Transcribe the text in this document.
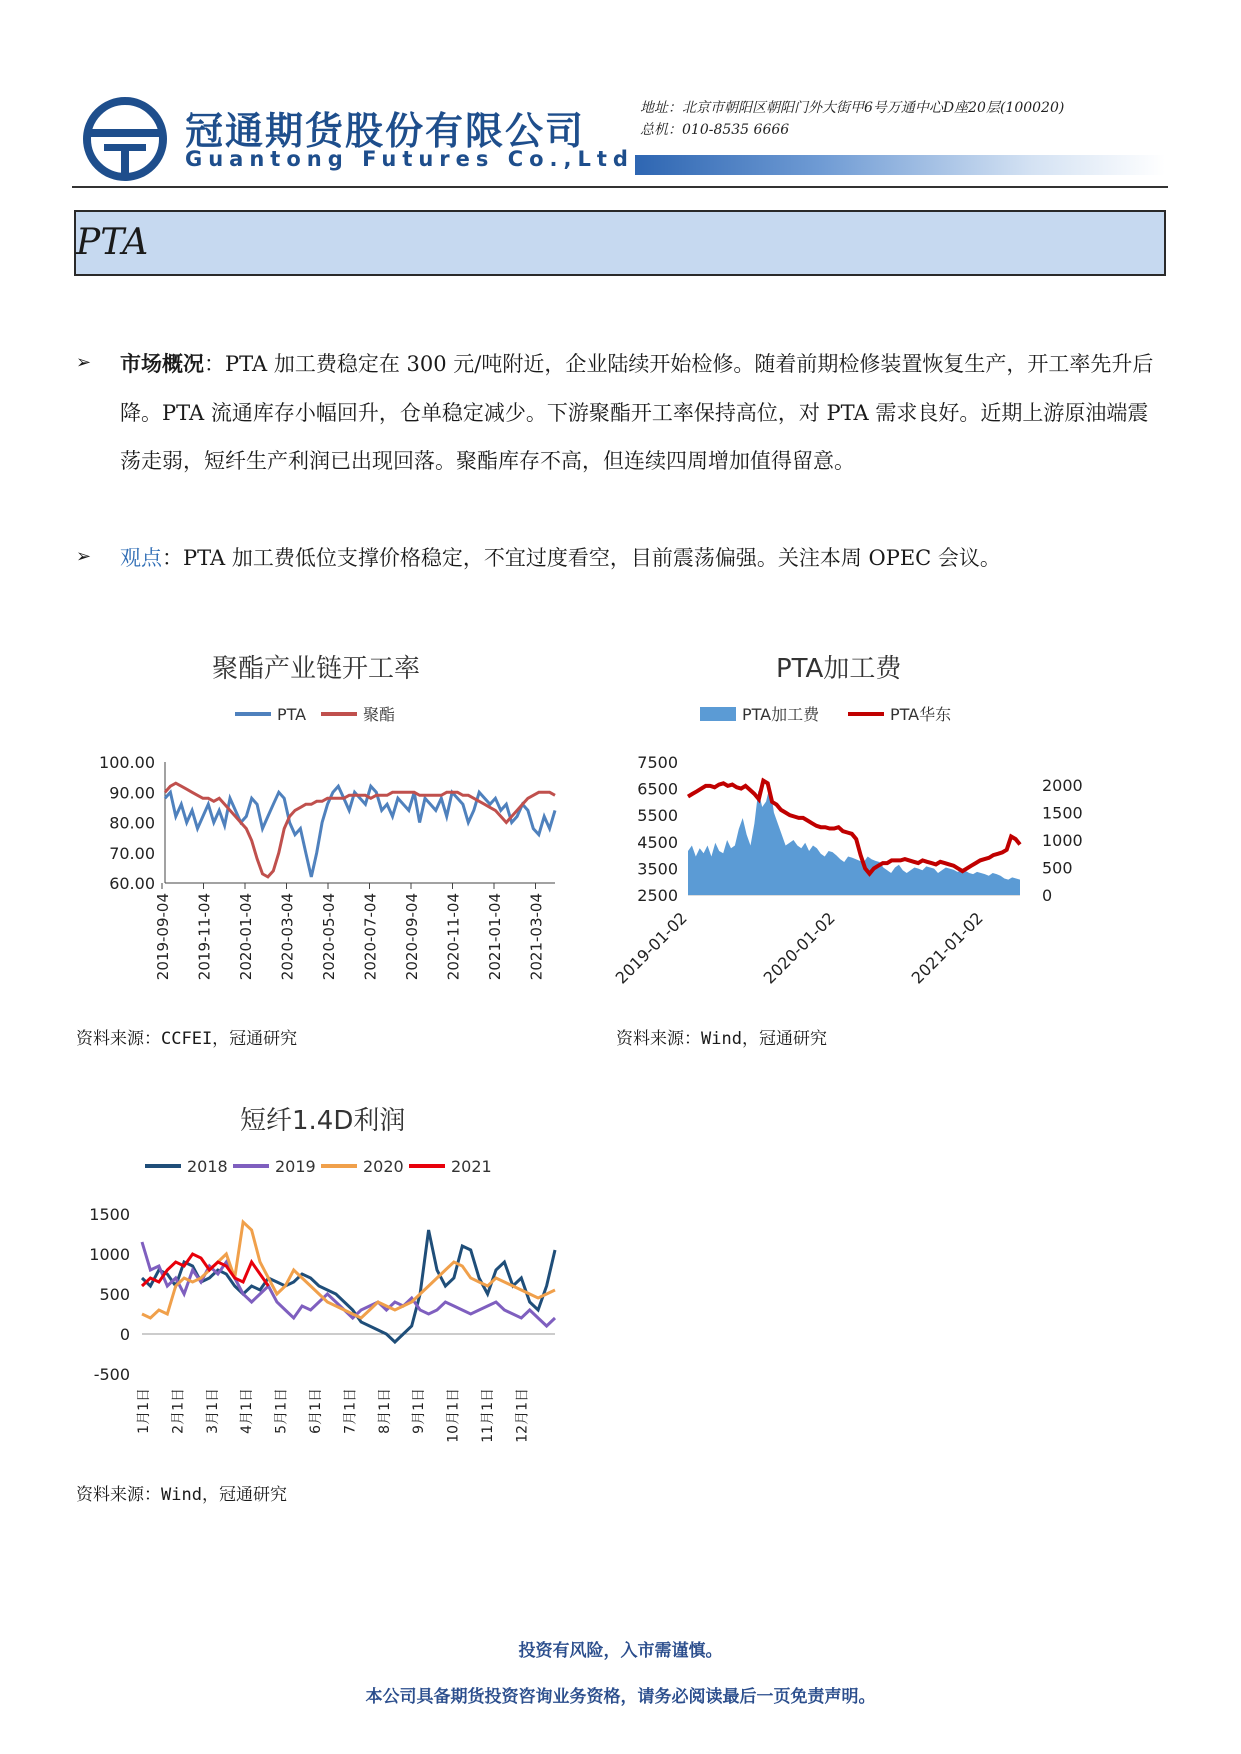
冠通期货股份有限公司
Guantong Futures Co.,Ltd
地址：北京市朝阳区朝阳门外大街甲6号万通中心D座20层(100020)
总机：010-8535 6666
PTA
➢ 市场概况：PTA 加工费稳定在 300 元/吨附近，企业陆续开始检修。随着前期检修装置恢复生产，开工率先升后降。PTA 流通库存小幅回升，仓单稳定减少。下游聚酯开工率保持高位，对 PTA 需求良好。近期上游原油端震荡走弱，短纤生产利润已出现回落。聚酯库存不高，但连续四周增加值得留意。
➢ 观点：PTA 加工费低位支撑价格稳定，不宜过度看空，目前震荡偏强。关注本周 OPEC 会议。
聚酯产业链开工率
PTA	聚酯
100.00
90.00
80.00
70.00
60.00
2019-09-04 2019-11-04 2020-01-04 2020-03-04 2020-05-04 2020-07-04 2020-09-04 2020-11-04 2021-01-04 2021-03-04
资料来源：CCFEI，冠通研究
PTA加工费
PTA加工费	PTA华东
7500
6500
5500
4500
3500
2500
2000
1500
1000
500
0
2019-01-02	2020-01-02	2021-01-02
资料来源：Wind，冠通研究
短纤1.4D利润
2018	2019	2020	2021
1500
1000
500
0
-500
1月1日 2月1日 3月1日 4月1日 5月1日 6月1日 7月1日 8月1日 9月1日 10月1日 11月1日 12月1日
资料来源：Wind，冠通研究
投资有风险，入市需谨慎。
本公司具备期货投资咨询业务资格，请务必阅读最后一页免责声明。
